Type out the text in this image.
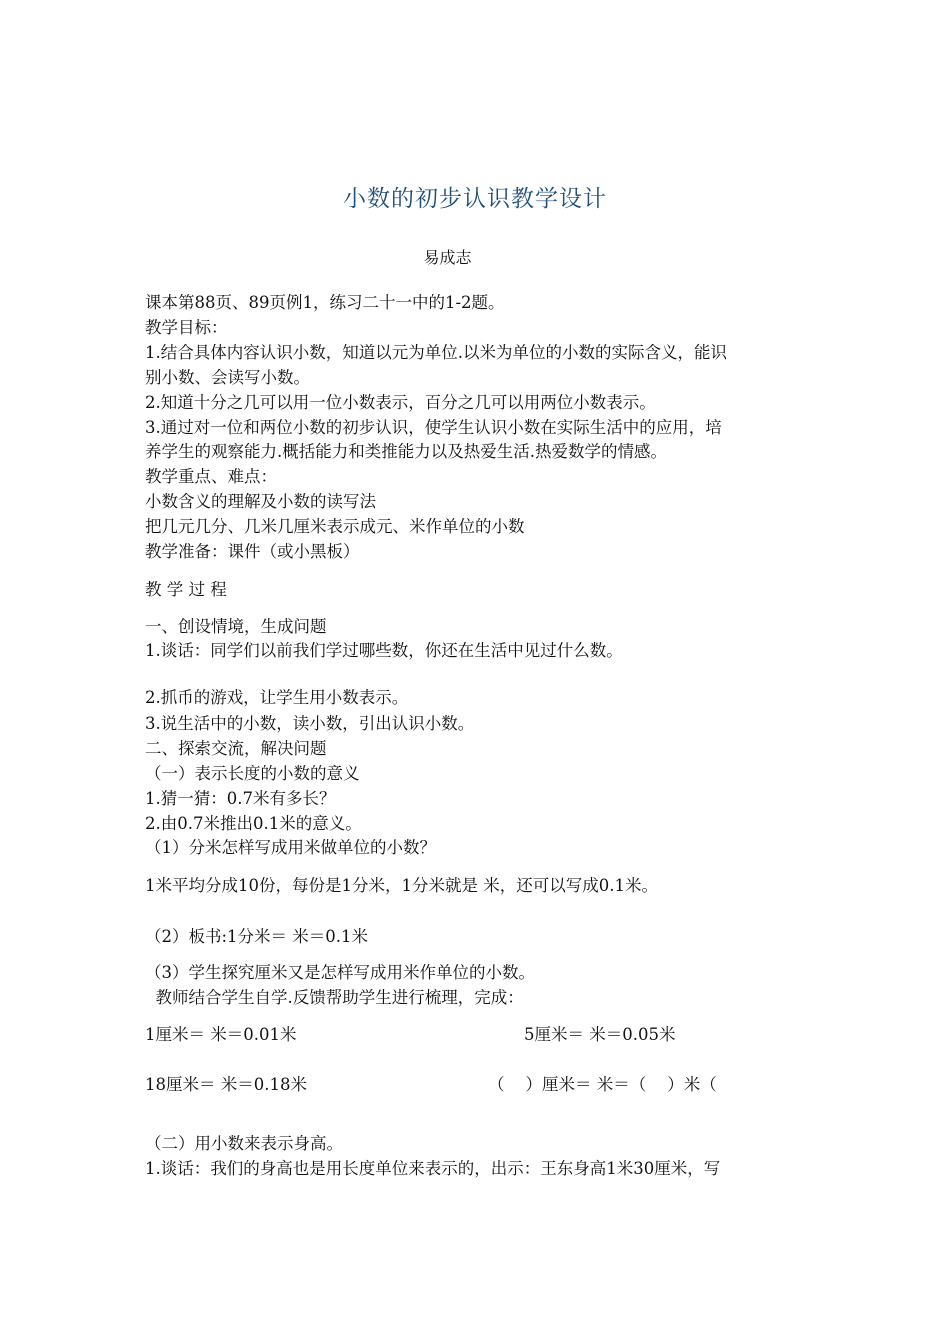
小数的初步认识教学设计
易成志
课本第88页、89页例1，练习二十一中的1-2题。
教学目标：
1.结合具体内容认识小数，知道以元为单位.以米为单位的小数的实际含义，能识
别小数、会读写小数。
2.知道十分之几可以用一位小数表示，百分之几可以用两位小数表示。
3.通过对一位和两位小数的初步认识，使学生认识小数在实际生活中的应用，培
养学生的观察能力.概括能力和类推能力以及热爱生活.热爱数学的情感。
教学重点、难点：
小数含义的理解及小数的读写法
把几元几分、几米几厘米表示成元、米作单位的小数
教学准备：课件（或小黑板）
教 学 过 程
一、创设情境，生成问题
1.谈话：同学们以前我们学过哪些数，你还在生活中见过什么数。
2.抓币的游戏，让学生用小数表示。
3.说生活中的小数，读小数，引出认识小数。
二、探索交流，解决问题
（一）表示长度的小数的意义
1.猜一猜：0.7米有多长？
2.由0.7米推出0.1米的意义。
（1）分米怎样写成用米做单位的小数？
1米平均分成10份，每份是1分米，1分米就是 米，还可以写成0.1米。
（2）板书:1分米＝ 米＝0.1米
（3）学生探究厘米又是怎样写成用米作单位的小数。
教师结合学生自学.反馈帮助学生进行梳理，完成：
1厘米＝ 米＝0.01米	5厘米＝ 米＝0.05米
18厘米＝ 米＝0.18米	（    ）厘米＝ 米＝（    ）米（
（二）用小数来表示身高。
1.谈话：我们的身高也是用长度单位来表示的，出示：王东身高1米30厘米，写
